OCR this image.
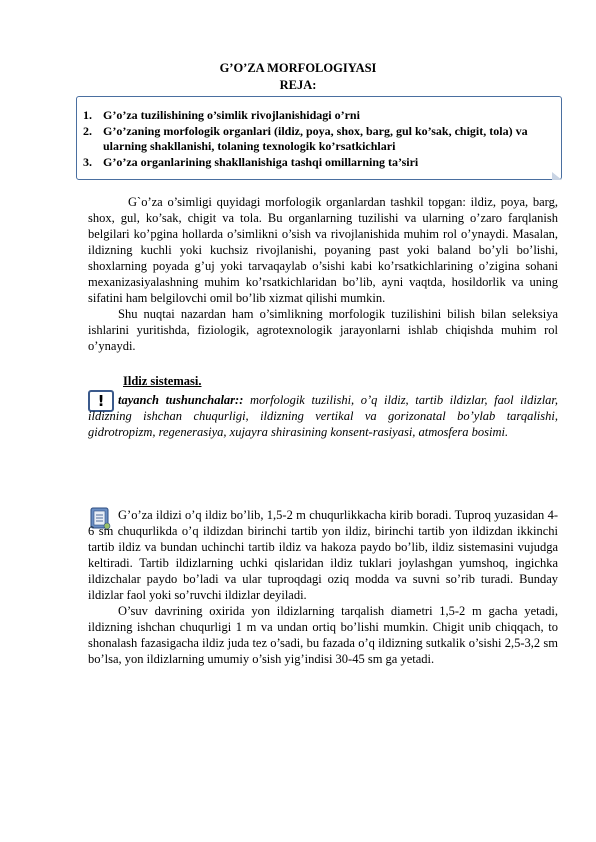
G’O’ZA MORFOLOGIYASI
REJA:
1. G’o’za tuzilishining o’simlik rivojlanishidagi o’rni
2. G’o’zaning morfologik organlari (ildiz, poya, shox, barg, gul ko’sak, chigit, tola) va ularning shakllanishi, tolaning texnologik ko’rsatkichlari
3. G’o’za organlarining shakllanishiga tashqi omillarning ta’siri

G`o’za o’simligi quyidagi morfologik organlardan tashkil topgan: ildiz, poya, barg, shox, gul, ko’sak, chigit va tola. Bu organlarning tuzilishi va ularning o’zaro farqlanish belgilari ko’pgina hollarda o’simlikni o’sish va rivojlanishida muhim rol o’ynaydi. Masalan, ildizning kuchli yoki kuchsiz rivojlanishi, poyaning past yoki baland bo’yli bo’lishi, shoxlarning poyada g’uj yoki tarvaqaylab o’sishi kabi ko’rsatkichlarining o’zigina sohani mexanizasiyalashning muhim ko’rsatkichlaridan bo’lib, ayni vaqtda, hosildorlik va uning sifatini ham belgilovchi omil bo’lib xizmat qilishi mumkin.

Shu nuqtai nazardan ham o’simlikning morfologik tuzilishini bilish bilan seleksiya ishlarini yuritishda, fiziologik, agrotexnologik jarayonlarni ishlab chiqishda muhim rol o’ynaydi.

Ildiz sistemasi.
!	tayanch tushunchalar:: morfologik tuzilishi, o’q ildiz, tartib ildizlar, faol ildizlar, ildizning ishchan chuqurligi, ildizning vertikal va gorizonatal bo’ylab tarqalishi, gidrotropizm, regenerasiya, xujayra shirasining konsent-rasiyasi, atmosfera bosimi.

G’o’za ildizi o’q ildiz bo’lib, 1,5-2 m chuqurlikkacha kirib boradi. Tuproq yuzasidan 4-6 sm chuqurlikda o’q ildizdan birinchi tartib yon ildiz, birinchi tartib yon ildizdan ikkinchi tartib ildiz va bundan uchinchi tartib ildiz va hakoza paydo bo’lib, ildiz sistemasini vujudga keltiradi. Tartib ildizlarning uchki qislaridan ildiz tuklari joylashgan yumshoq, ingichka ildizchalar paydo bo’ladi va ular tuproqdagi oziq modda va suvni so’rib turadi. Bunday ildizlar faol yoki so’ruvchi ildizlar deyiladi.

O’suv davrining oxirida yon ildizlarning tarqalish diametri 1,5-2 m gacha yetadi, ildizning ishchan chuqurligi 1 m va undan ortiq bo’lishi mumkin. Chigit unib chiqqach, to shonalash fazasigacha ildiz juda tez o’sadi, bu fazada o’q ildizning sutkalik o’sishi 2,5-3,2 sm bo’lsa, yon ildizlarning umumiy o’sish yig’indisi 30-45 sm ga yetadi.
